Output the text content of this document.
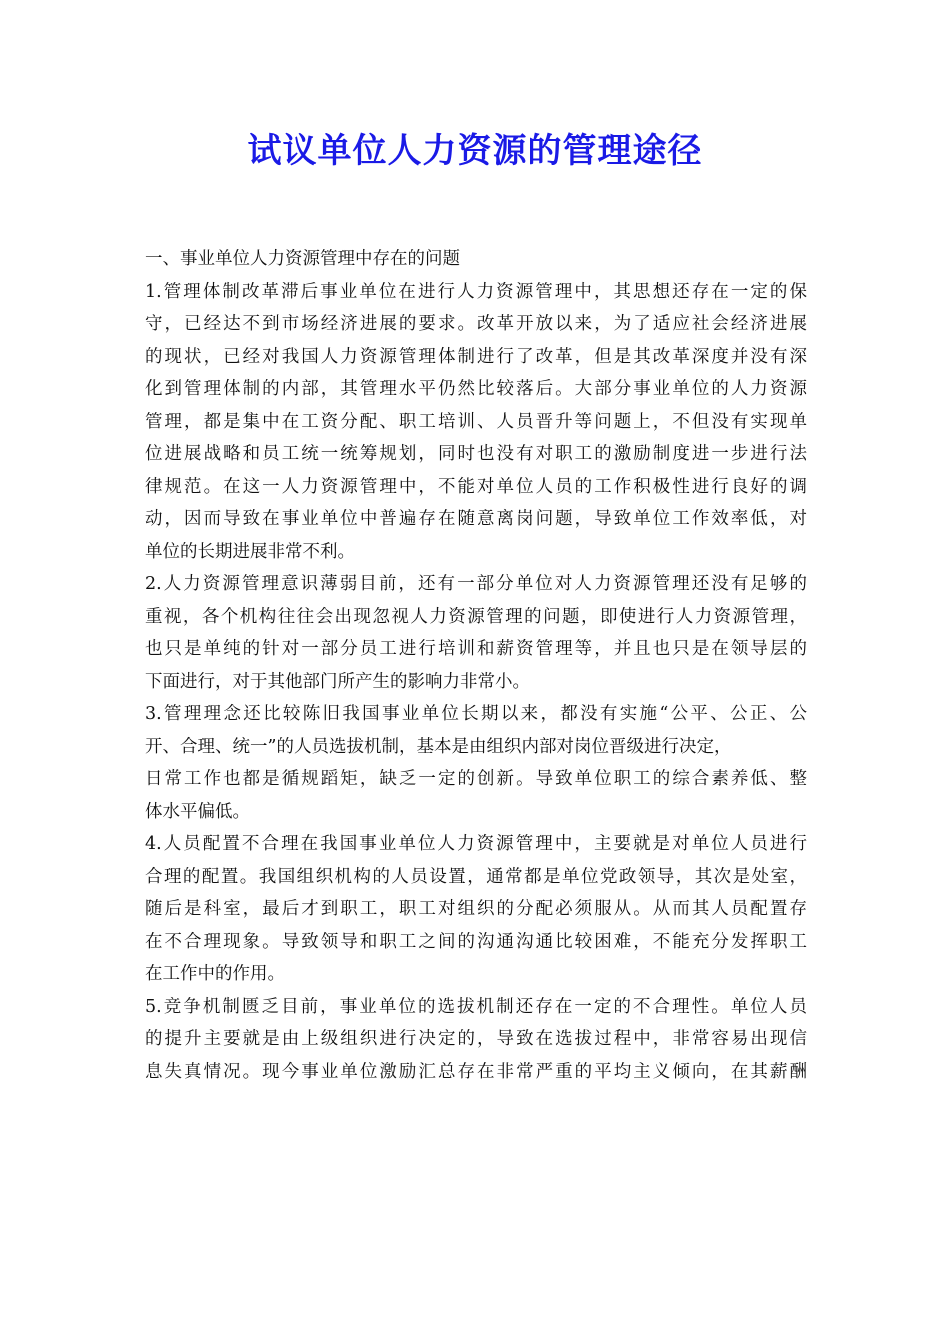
试议单位人力资源的管理途径
一、事业单位人力资源管理中存在的问题
1.管理体制改革滞后事业单位在进行人力资源管理中，其思想还存在一定的保
守，已经达不到市场经济进展的要求。改革开放以来，为了适应社会经济进展
的现状，已经对我国人力资源管理体制进行了改革，但是其改革深度并没有深
化到管理体制的内部，其管理水平仍然比较落后。大部分事业单位的人力资源
管理，都是集中在工资分配、职工培训、人员晋升等问题上，不但没有实现单
位进展战略和员工统一统筹规划，同时也没有对职工的激励制度进一步进行法
律规范。在这一人力资源管理中，不能对单位人员的工作积极性进行良好的调
动，因而导致在事业单位中普遍存在随意离岗问题，导致单位工作效率低，对
单位的长期进展非常不利。
2.人力资源管理意识薄弱目前，还有一部分单位对人力资源管理还没有足够的
重视，各个机构往往会出现忽视人力资源管理的问题，即使进行人力资源管理，
也只是单纯的针对一部分员工进行培训和薪资管理等，并且也只是在领导层的
下面进行，对于其他部门所产生的影响力非常小。
3.管理理念还比较陈旧我国事业单位长期以来，都没有实施“公平、公正、公
开、合理、统一”的人员选拔机制，基本是由组织内部对岗位晋级进行决定，
日常工作也都是循规蹈矩，缺乏一定的创新。导致单位职工的综合素养低、整
体水平偏低。
4.人员配置不合理在我国事业单位人力资源管理中，主要就是对单位人员进行
合理的配置。我国组织机构的人员设置，通常都是单位党政领导，其次是处室，
随后是科室，最后才到职工，职工对组织的分配必须服从。从而其人员配置存
在不合理现象。导致领导和职工之间的沟通沟通比较困难，不能充分发挥职工
在工作中的作用。
5.竞争机制匮乏目前，事业单位的选拔机制还存在一定的不合理性。单位人员
的提升主要就是由上级组织进行决定的，导致在选拔过程中，非常容易出现信
息失真情况。现今事业单位激励汇总存在非常严重的平均主义倾向，在其薪酬
